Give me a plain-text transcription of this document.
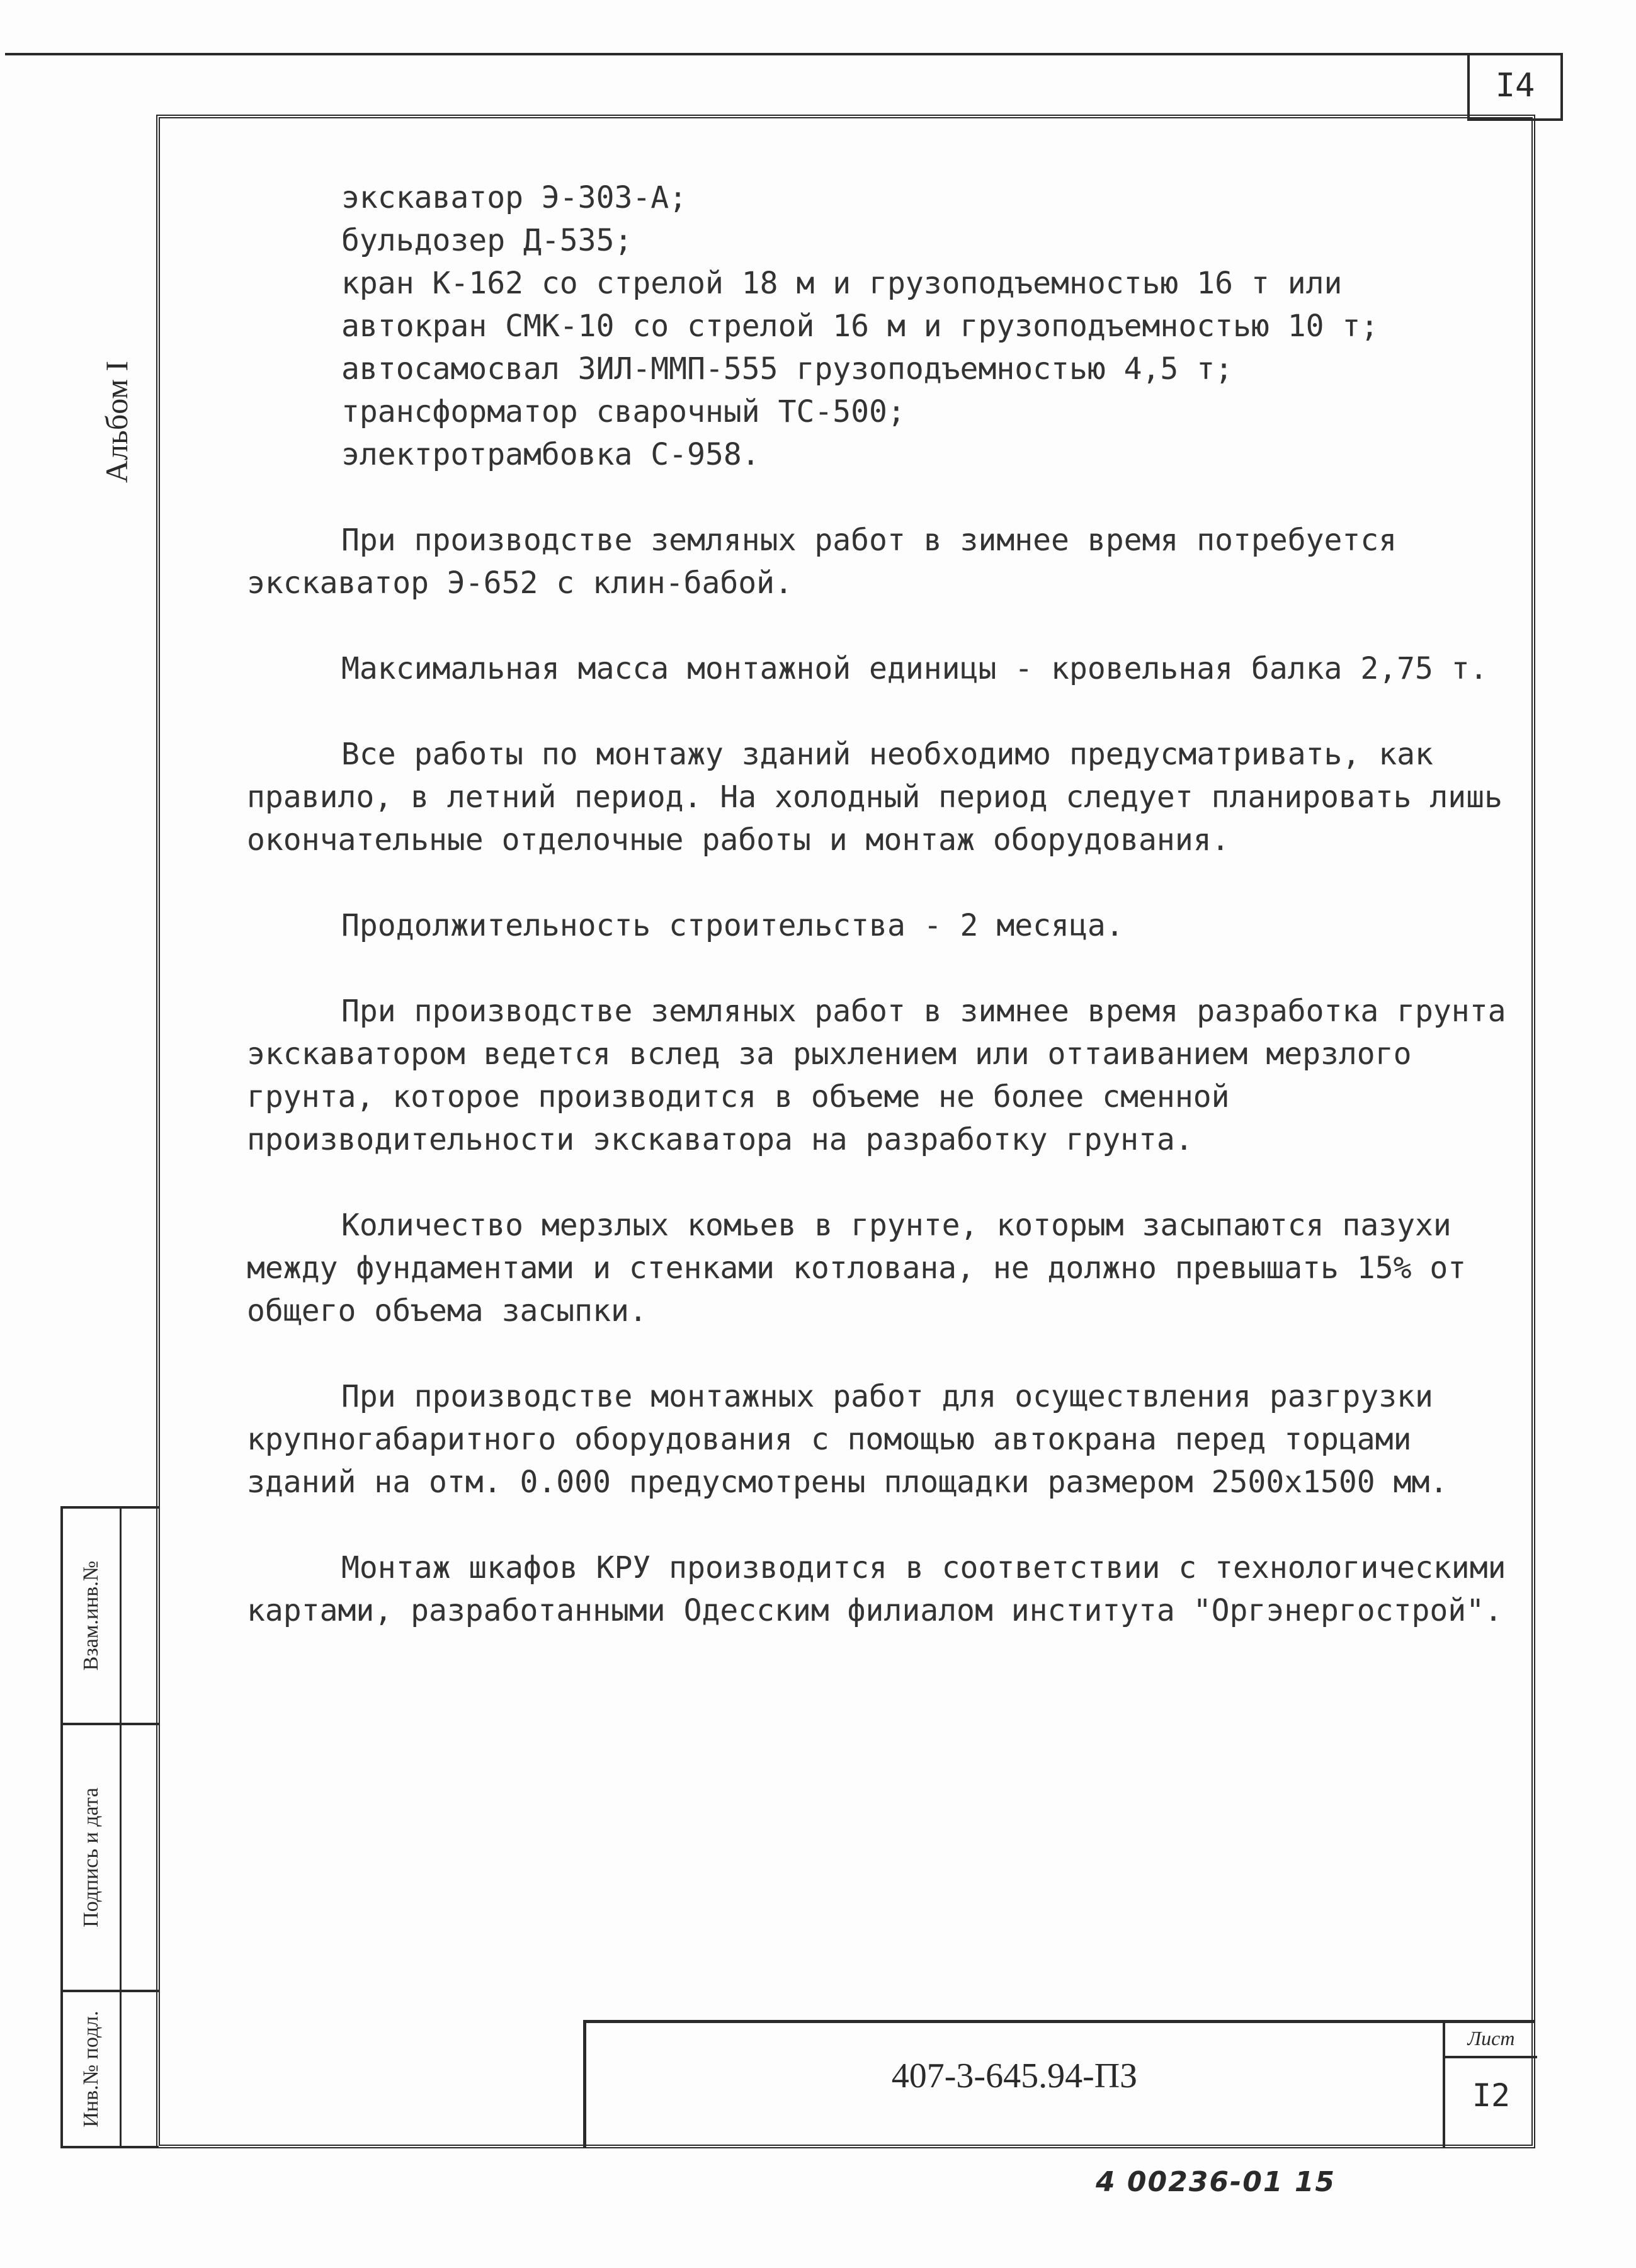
I4
Альбом I
Взам.инв.№
Подпись и дата
Инв.№ подл.

экскаватор Э-303-А;

бульдозер Д-535;

кран К-162 со стрелой 18 м и грузоподъемностью 16 т или

автокран СМК-10 со стрелой 16 м и грузоподъемностью 10 т;

автосамосвал ЗИЛ-ММП-555 грузоподъемностью 4,5 т;

трансформатор сварочный ТС-500;

электротрамбовка С-958.

При производстве земляных работ в зимнее время потребуется экскаватор Э-652 с клин-бабой.

Максимальная масса монтажной единицы - кровельная балка 2,75 т.

Все работы по монтажу зданий необходимо предусматривать, как правило, в летний период. На холодный период следует планировать лишь окончательные отделочные работы и монтаж оборудования.

Продолжительность строительства - 2 месяца.

При производстве земляных работ в зимнее время разработка грунта экскаватором ведется вслед за рыхлением или оттаиванием мерзлого грунта, которое производится в объеме не более сменной производительности экскаватора на разработку грунта.

Количество мерзлых комьев в грунте, которым засыпаются пазухи между фундаментами и стенками котлована, не должно превышать 15% от общего объема засыпки.

При производстве монтажных работ для осуществления разгрузки крупногабаритного оборудования с помощью автокрана перед торцами зданий на отм. 0.000 предусмотрены площадки размером 2500х1500 мм.

Монтаж шкафов КРУ производится в соответствии с технологическими картами, разработанными Одесским филиалом института "Оргэнергострой".

407-3-645.94-ПЗ
Лист
I2
4 00236-01 15
